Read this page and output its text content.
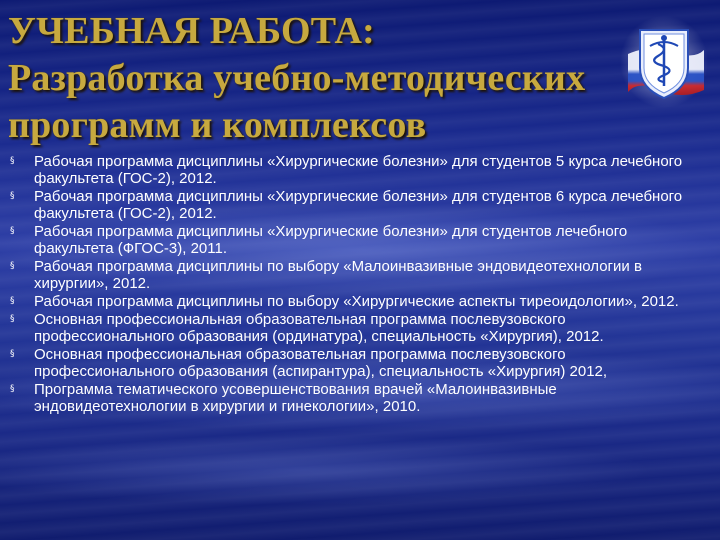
УЧЕБНАЯ РАБОТА:
Разработка учебно-методических
программ и комплексов
§ Рабочая программа дисциплины «Хирургические болезни» для студентов 5 курса лечебного факультета (ГОС-2), 2012.
§ Рабочая программа дисциплины «Хирургические болезни» для студентов 6 курса лечебного факультета (ГОС-2), 2012.
§ Рабочая программа дисциплины «Хирургические болезни» для студентов лечебного факультета (ФГОС-3), 2011.
§ Рабочая программа дисциплины по выбору «Малоинвазивные эндовидеотехнологии в хирургии», 2012.
§ Рабочая программа дисциплины по выбору «Хирургические аспекты тиреоидологии», 2012.
§ Основная профессиональная образовательная программа послевузовского профессионального образования (ординатура), специальность «Хирургия), 2012.
§ Основная профессиональная образовательная программа послевузовского профессионального образования (аспирантура), специальность «Хирургия) 2012,
§ Программа тематического усовершенствования врачей «Малоинвазивные эндовидеотехнологии в хирургии и гинекологии», 2010.
